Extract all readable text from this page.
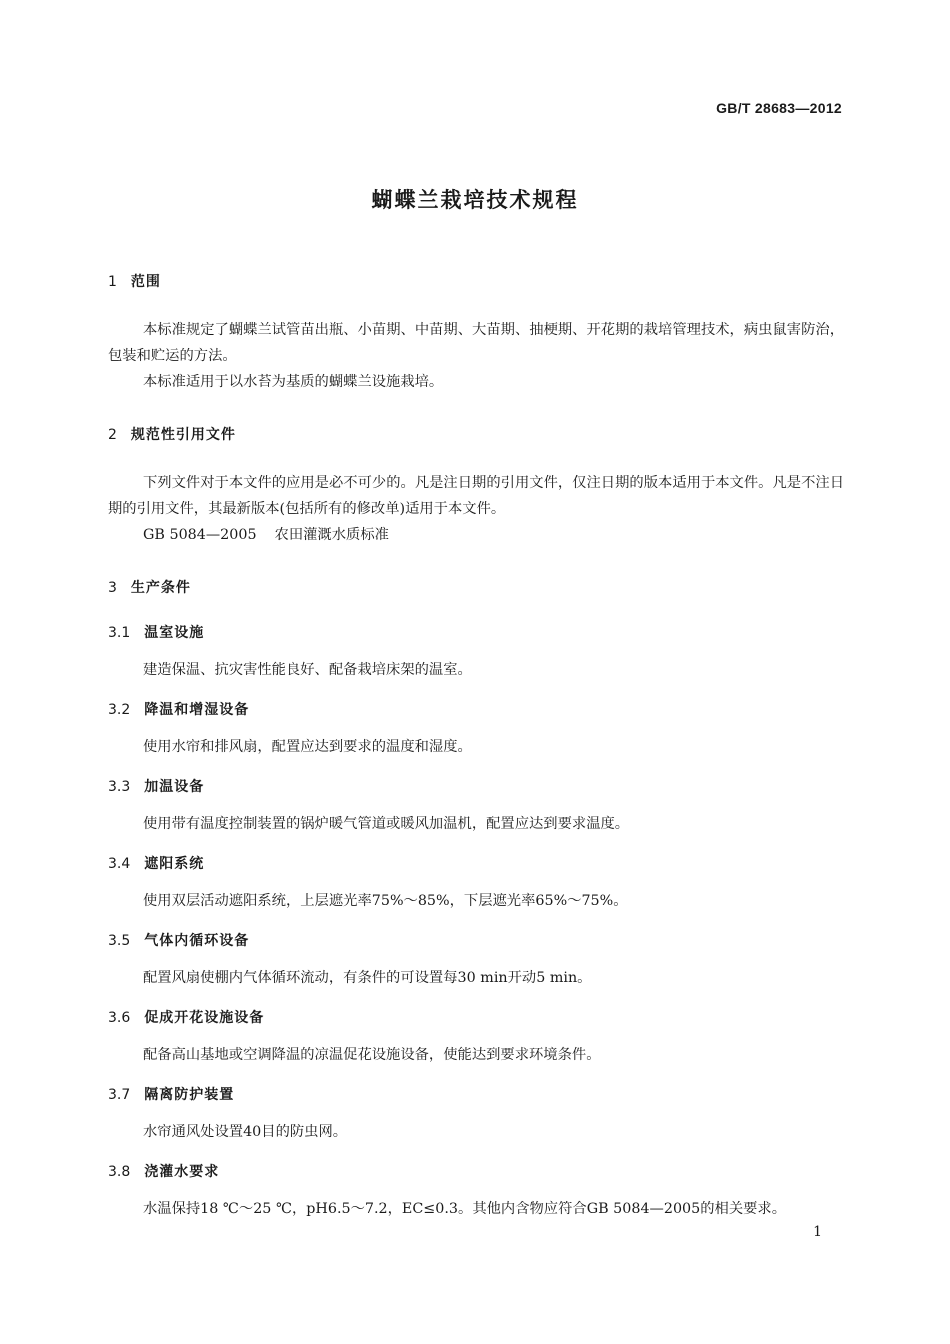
GB/T 28683—2012
蝴蝶兰栽培技术规程
1 范围
本标准规定了蝴蝶兰试管苗出瓶、小苗期、中苗期、大苗期、抽梗期、开花期的栽培管理技术，病虫鼠害防治，包装和贮运的方法。
本标准适用于以水苔为基质的蝴蝶兰设施栽培。
2 规范性引用文件
下列文件对于本文件的应用是必不可少的。凡是注日期的引用文件，仅注日期的版本适用于本文件。凡是不注日期的引用文件，其最新版本(包括所有的修改单)适用于本文件。
GB 5084—2005 农田灌溉水质标准
3 生产条件
3.1 温室设施
建造保温、抗灾害性能良好、配备栽培床架的温室。
3.2 降温和增湿设备
使用水帘和排风扇，配置应达到要求的温度和湿度。
3.3 加温设备
使用带有温度控制装置的锅炉暖气管道或暖风加温机，配置应达到要求温度。
3.4 遮阳系统
使用双层活动遮阳系统，上层遮光率75%～85%，下层遮光率65%～75%。
3.5 气体内循环设备
配置风扇使棚内气体循环流动，有条件的可设置每30 min开动5 min。
3.6 促成开花设施设备
配备高山基地或空调降温的凉温促花设施设备，使能达到要求环境条件。
3.7 隔离防护装置
水帘通风处设置40目的防虫网。
3.8 浇灌水要求
水温保持18 ℃～25 ℃，pH6.5～7.2，EC≤0.3。其他内含物应符合GB 5084—2005的相关要求。
1
